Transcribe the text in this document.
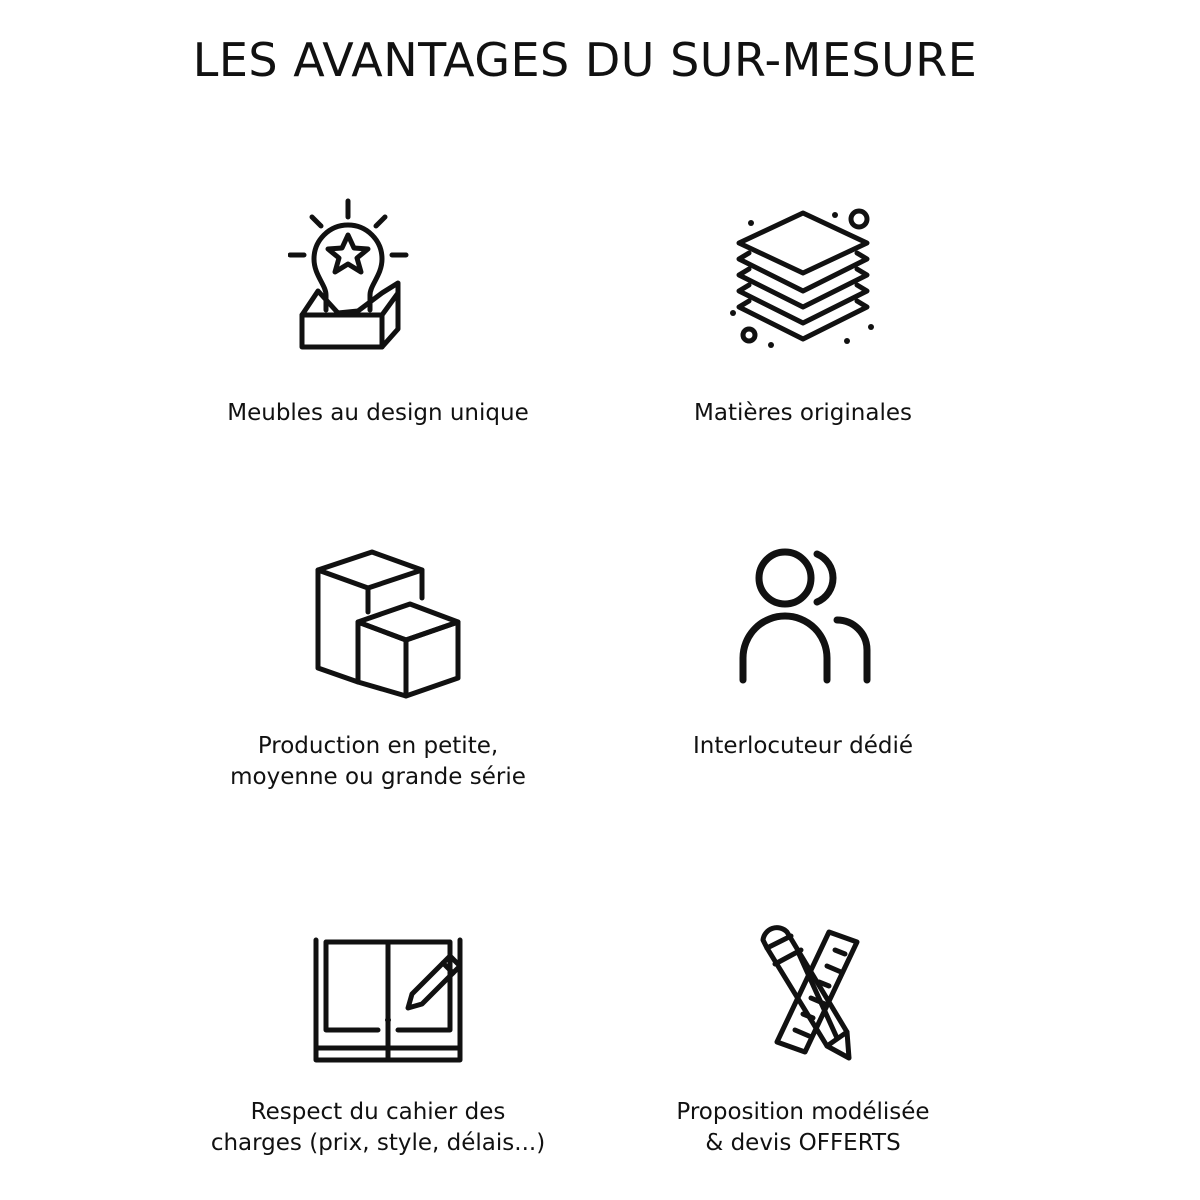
LES AVANTAGES DU SUR-MESURE
Meubles au design unique	Matières originales
Production en petite,
moyenne ou grande série
Interlocuteur dédié
Respect du cahier des
charges (prix, style, délais...)
Proposition modélisée
& devis OFFERTS
